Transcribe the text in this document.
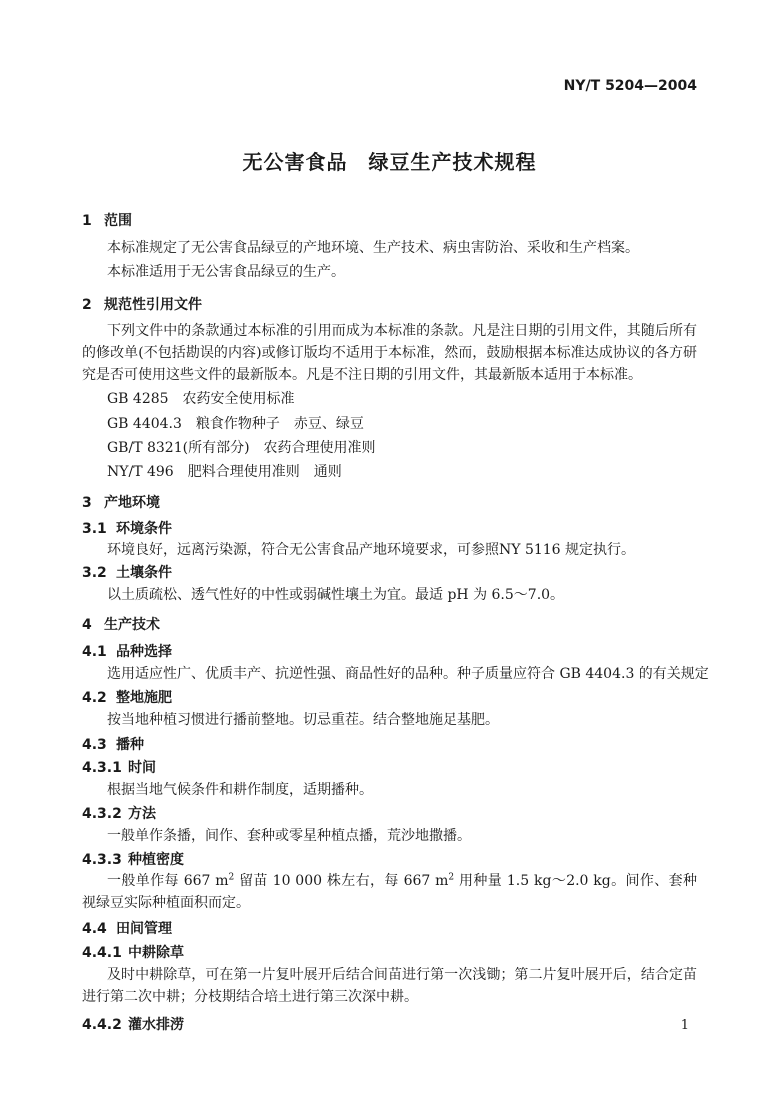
NY/T 5204—2004
无公害食品　绿豆生产技术规程
1 范围
本标准规定了无公害食品绿豆的产地环境、生产技术、病虫害防治、采收和生产档案。
本标准适用于无公害食品绿豆的生产。
2 规范性引用文件
下列文件中的条款通过本标准的引用而成为本标准的条款。凡是注日期的引用文件，其随后所有的修改单(不包括勘误的内容)或修订版均不适用于本标准，然而，鼓励根据本标准达成协议的各方研究是否可使用这些文件的最新版本。凡是不注日期的引用文件，其最新版本适用于本标准。
GB 4285　农药安全使用标准
GB 4404.3　粮食作物种子　赤豆、绿豆
GB/T 8321(所有部分)　农药合理使用准则
NY/T 496　肥料合理使用准则　通则
3 产地环境
3.1 环境条件
环境良好，远离污染源，符合无公害食品产地环境要求，可参照NY 5116 规定执行。
3.2 土壤条件
以土质疏松、透气性好的中性或弱碱性壤土为宜。最适 pH 为 6.5～7.0。
4 生产技术
4.1 品种选择
选用适应性广、优质丰产、抗逆性强、商品性好的品种。种子质量应符合 GB 4404.3 的有关规定
4.2 整地施肥
按当地种植习惯进行播前整地。切忌重茬。结合整地施足基肥。
4.3 播种
4.3.1 时间
根据当地气候条件和耕作制度，适期播种。
4.3.2 方法
一般单作条播，间作、套种或零星种植点播，荒沙地撒播。
4.3.3 种植密度
一般单作每 667 $m^2$ 留苗 10 000 株左右，每 667 $m^2$ 用种量 1.5 kg～2.0 kg。间作、套种视绿豆实际种植面积而定。
4.4 田间管理
4.4.1 中耕除草
及时中耕除草，可在第一片复叶展开后结合间苗进行第一次浅锄；第二片复叶展开后，结合定苗进行第二次中耕；分枝期结合培土进行第三次深中耕。
4.4.2 灌水排涝	1
